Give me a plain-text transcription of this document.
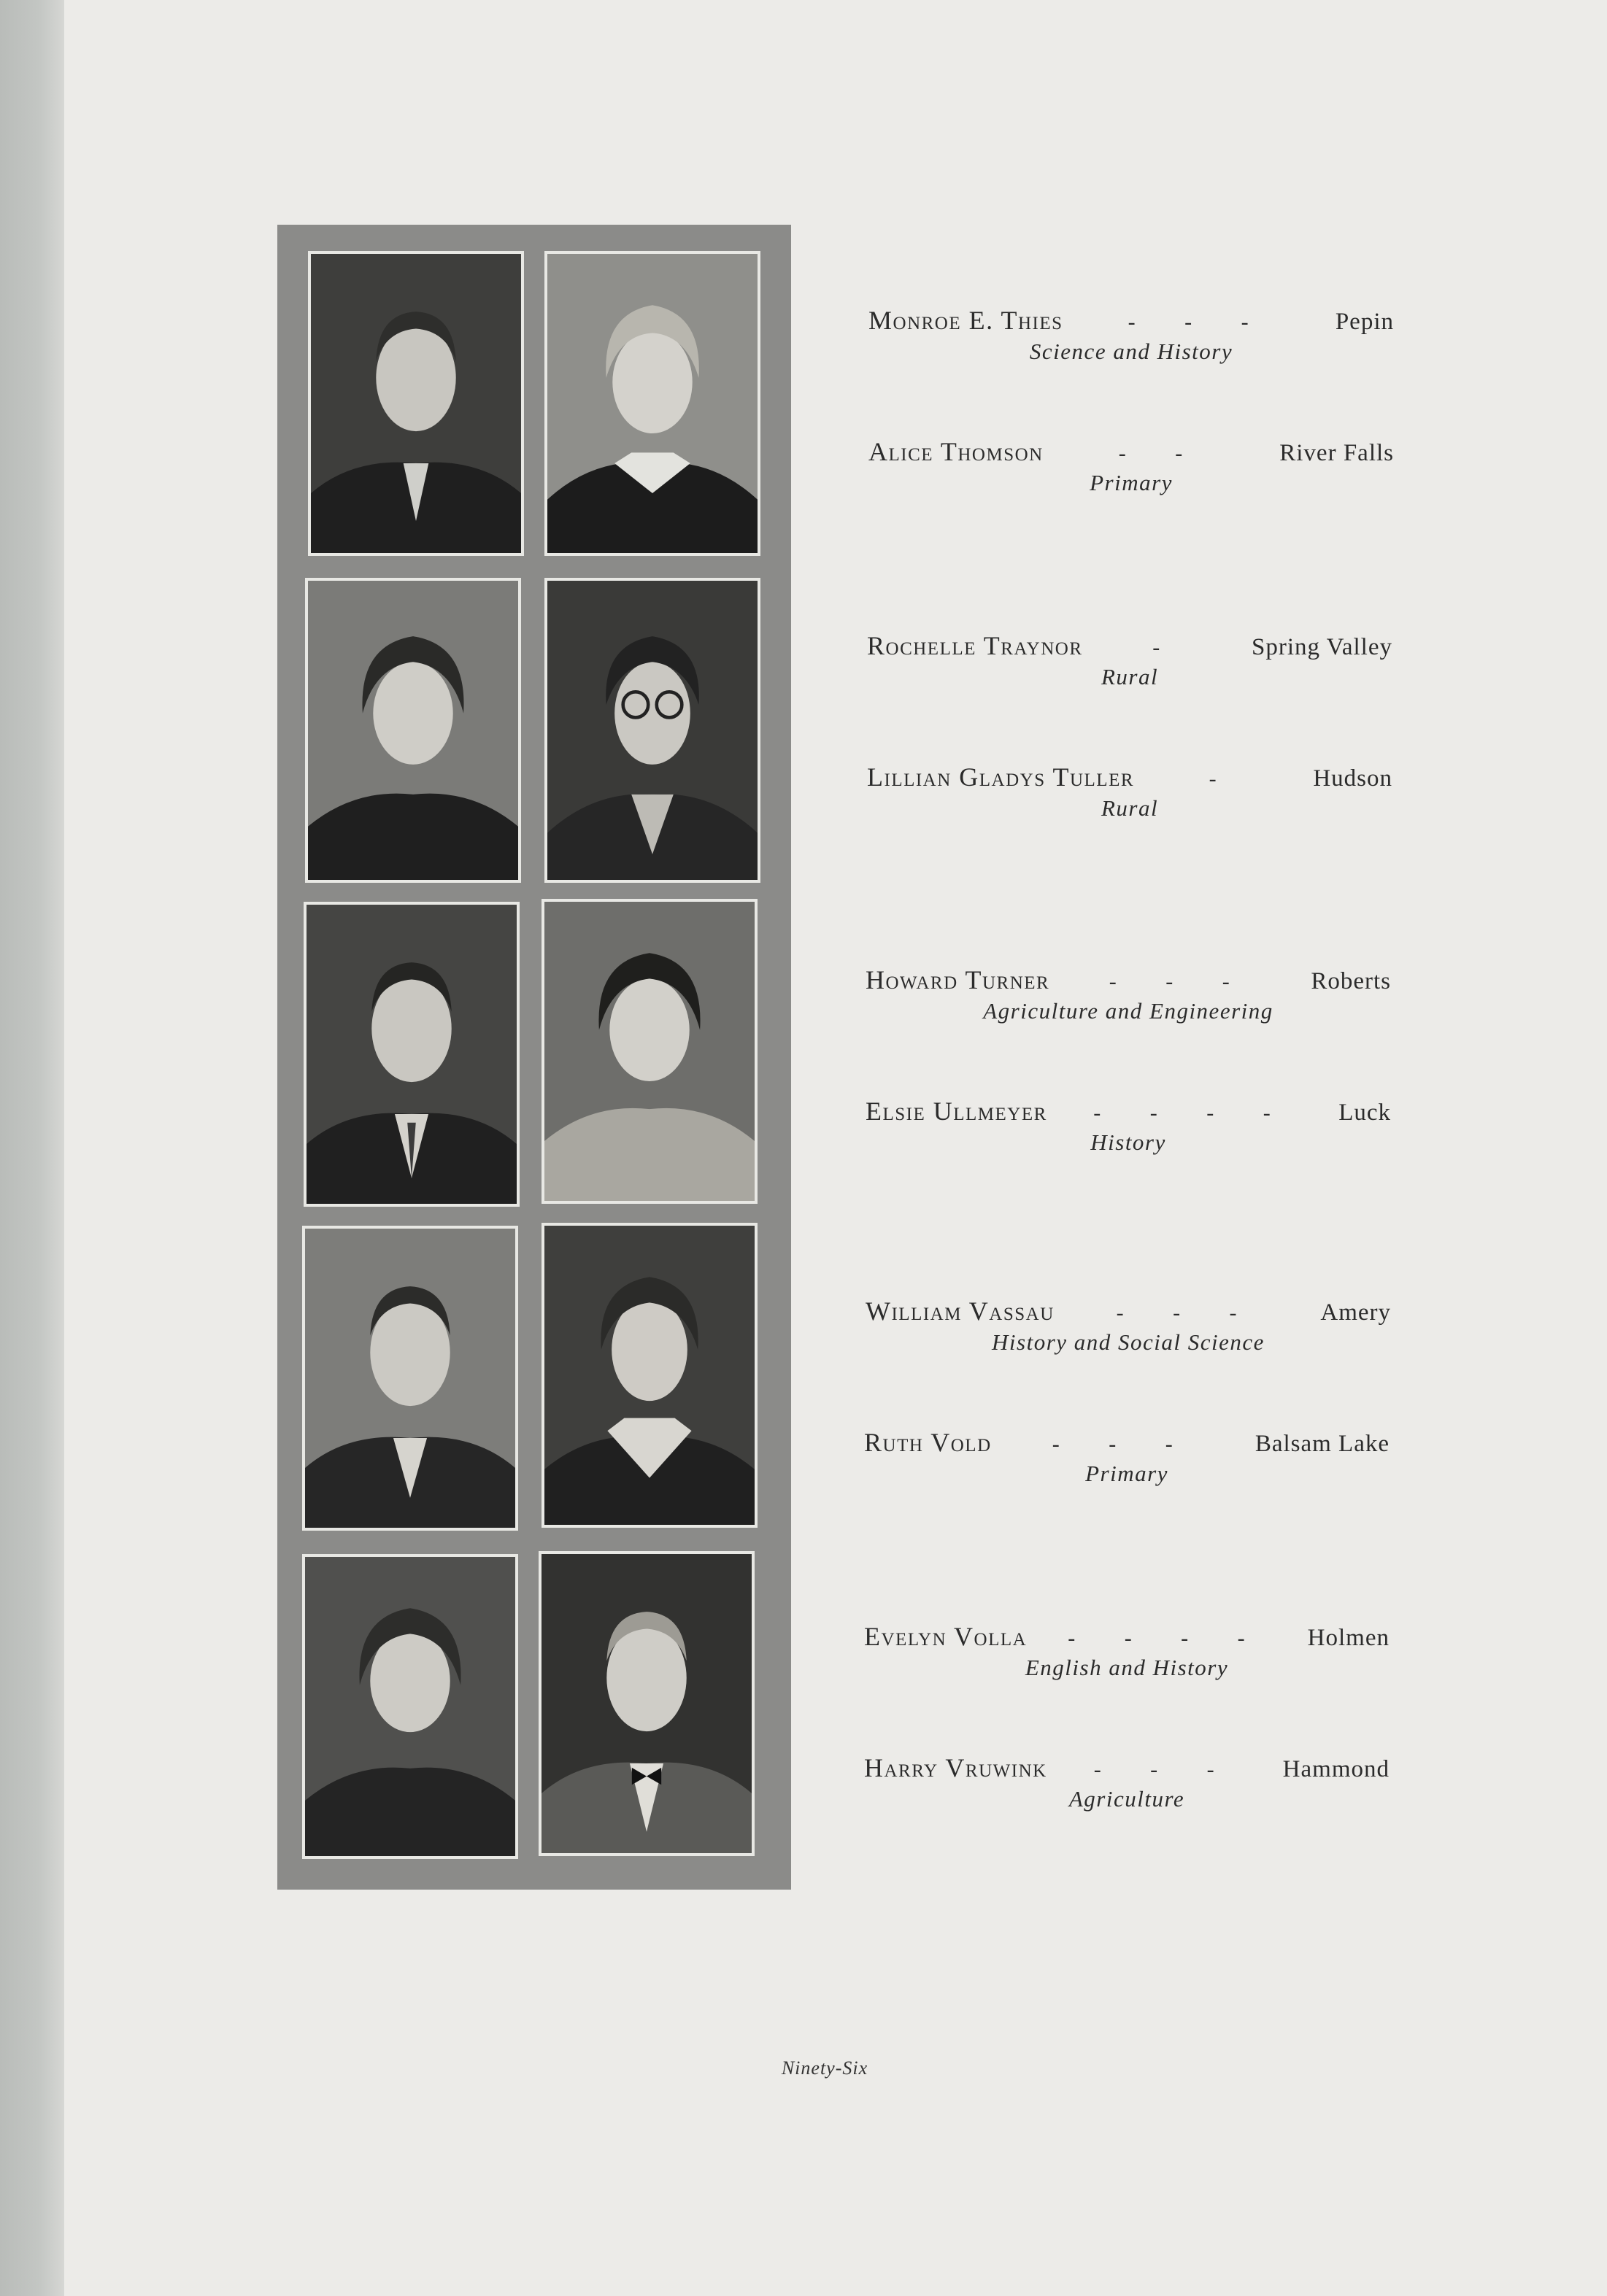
Monroe E. Thies	- - -	Pepin
Science and History
Alice Thomson	- -	River Falls
Primary
Rochelle Traynor	-	Spring Valley
Rural
Lillian Gladys Tuller	-	Hudson
Rural
Howard Turner	- - -	Roberts
Agriculture and Engineering
Elsie Ullmeyer	- - - -	Luck
History
William Vassau	- - -	Amery
History and Social Science
Ruth Vold	- - -	Balsam Lake
Primary
Evelyn Volla	- - - -	Holmen
English and History
Harry Vruwink	- - -	Hammond
Agriculture
Ninety-Six
